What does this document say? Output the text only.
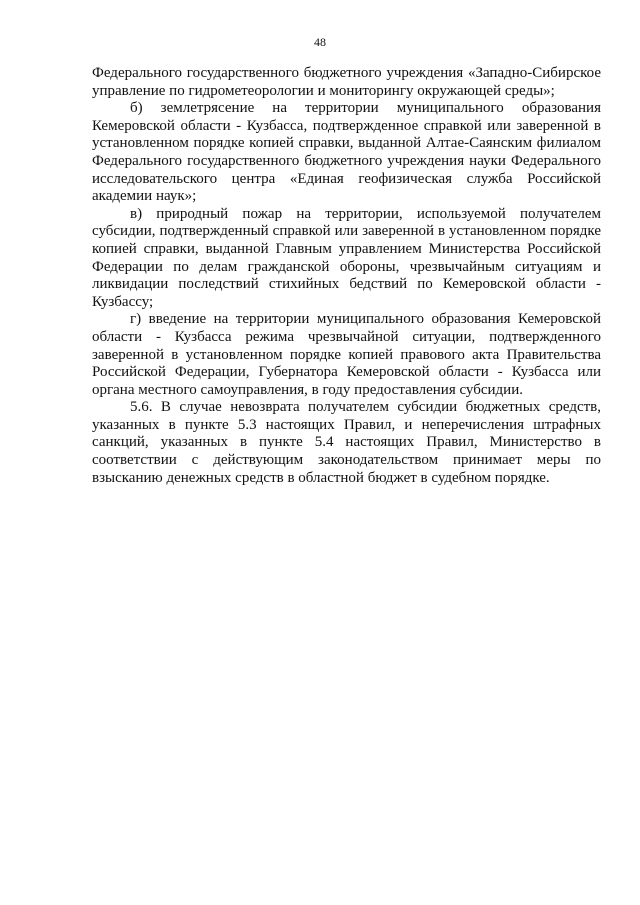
48

Федерального государственного бюджетного учреждения «Западно-Сибирское управление по гидрометеорологии и мониторингу окружающей среды»;

б) землетрясение на территории муниципального образования Кемеровской области - Кузбасса, подтвержденное справкой или заверенной в установленном порядке копией справки, выданной Алтае-Саянским филиалом Федерального государственного бюджетного учреждения науки Федерального исследовательского центра «Единая геофизическая служба Российской академии наук»;

в) природный пожар на территории, используемой получателем субсидии, подтвержденный справкой или заверенной в установленном порядке копией справки, выданной Главным управлением Министерства Российской Федерации по делам гражданской обороны, чрезвычайным ситуациям и ликвидации последствий стихийных бедствий по Кемеровской области - Кузбассу;

г) введение на территории муниципального образования Кемеровской области - Кузбасса режима чрезвычайной ситуации, подтвержденного заверенной в установленном порядке копией правового акта Правительства Российской Федерации, Губернатора Кемеровской области - Кузбасса или органа местного самоуправления, в году предоставления субсидии.

5.6. В случае невозврата получателем субсидии бюджетных средств, указанных в пункте 5.3 настоящих Правил, и неперечисления штрафных санкций, указанных в пункте 5.4 настоящих Правил, Министерство в соответствии с действующим законодательством принимает меры по взысканию денежных средств в областной бюджет в судебном порядке.
